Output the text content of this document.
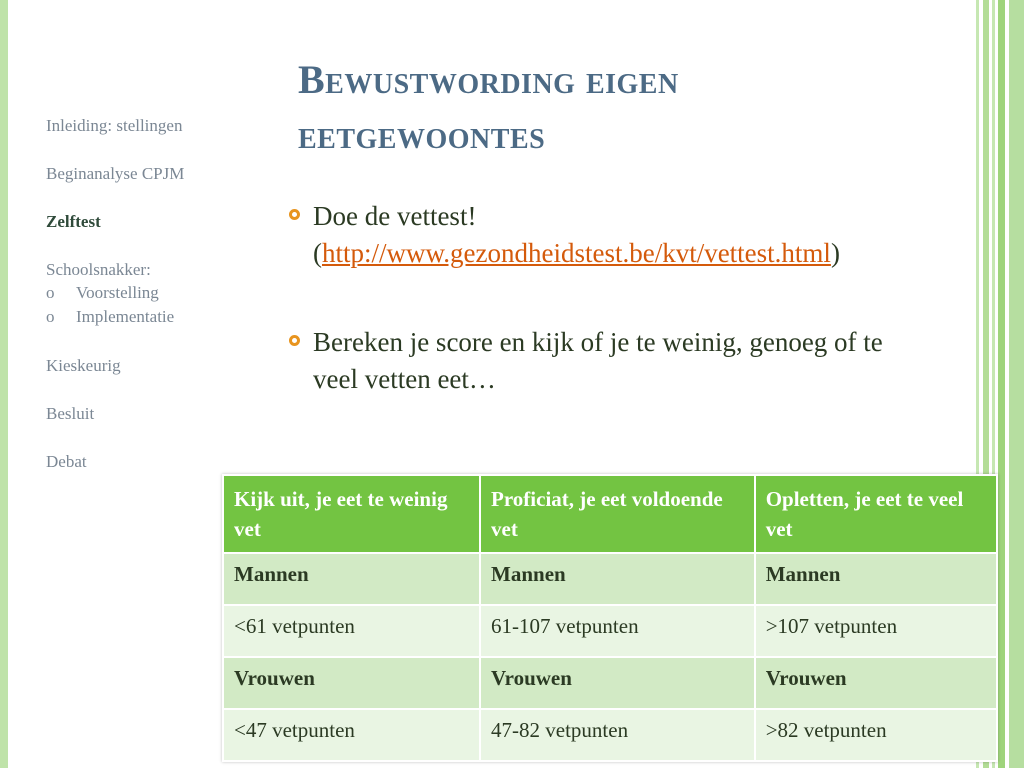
Bewustwording eigen eetgewoontes
Inleiding: stellingen
Beginanalyse CPJM
Zelftest
Schoolsnakker:
o	Voorstelling
o	Implementatie
Kieskeurig
Besluit
Debat
Doe de vettest!
(http://www.gezondheidstest.be/kvt/vettest.html)
Bereken je score en kijk of je te weinig, genoeg of te veel vetten eet…
Kijk uit, je eet te weinig vet	Proficiat, je eet voldoende vet	Opletten, je eet te veel vet
Mannen	Mannen	Mannen
<61 vetpunten	61-107 vetpunten	>107 vetpunten
Vrouwen	Vrouwen	Vrouwen
<47 vetpunten	47-82 vetpunten	>82 vetpunten
